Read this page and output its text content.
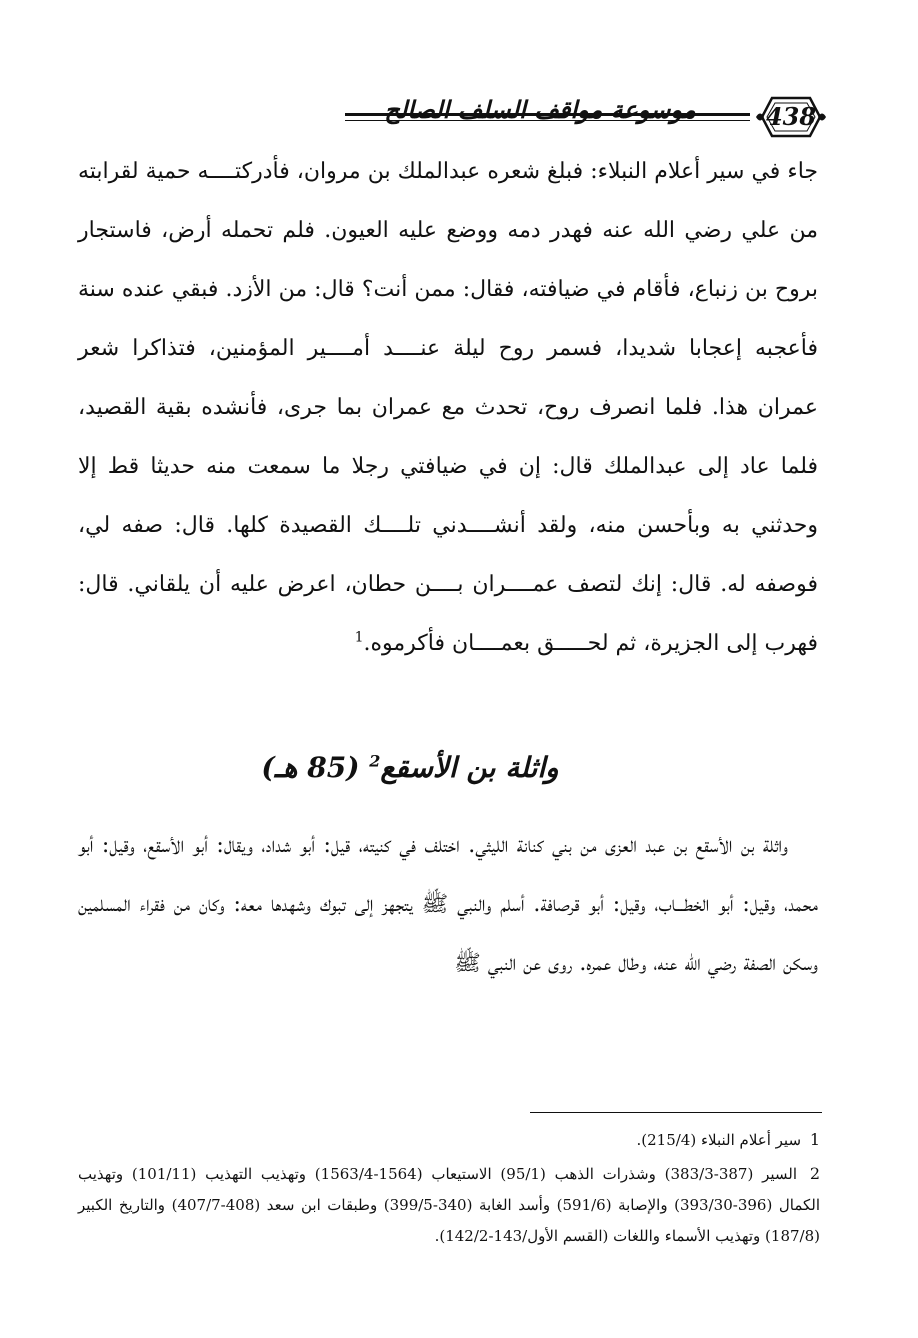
438
موسوعة مواقف السلف الصالح

جاء في سير أعلام النبلاء: فبلغ شعره عبدالملك بن مروان، فأدركتــــه حمية لقرابته من علي رضي الله عنه فهدر دمه ووضع عليه العيون. فلم تحمله أرض، فاستجار بروح بن زنباع، فأقام في ضيافته، فقال: ممن أنت؟ قال: من الأزد. فبقي عنده سنة فأعجبه إعجابا شديدا، فسمر روح ليلة عنــــد أمــــير المؤمنين، فتذاكرا شعر عمران هذا. فلما انصرف روح، تحدث مع عمران بما جرى، فأنشده بقية القصيد، فلما عاد إلى عبدالملك قال: إن في ضيافتي رجلا ما سمعت منه حديثا قط إلا وحدثني به وبأحسن منه، ولقد أنشــــدني تلــــك القصيدة كلها. قال: صفه لي، فوصفه له. قال: إنك لتصف عمــــران بــــن حطان، اعرض عليه أن يلقاني. قال: فهرب إلى الجزيرة، ثم لحـــــق بعمــــان فأكرموه.$^1$

واثلة بن الأسقع$^2$ (85 هـ)

واثلة بن الأسقع بن عبد العزى من بني كنانة الليثي. اختلف في كنيته، قيل: أبو شداد، ويقال: أبو الأسقع، وقيل: أبو محمد، وقيل: أبو الخطـــاب، وقيل: أبو قرصافة. أسلم والنبي ﷺ يتجهز إلى تبوك وشهدها معه: وكان من فقراء المسلمين وسكن الصفة رضي الله عنه، وطال عمره. روى عن النبي ﷺ

1 سير أعلام النبلاء (215/4).

2 السير (387-383/3) وشذرات الذهب (95/1) الاستيعاب (1564-1563/4) وتهذيب التهذيب (101/11) وتهذيب الكمال (396-393/30) والإصابة (591/6) وأسد الغابة (340-399/5) وطبقات ابن سعد (408-407/7) والتاريخ الكبير (187/8) وتهذيب الأسماء واللغات (القسم الأول/143-142/2).
